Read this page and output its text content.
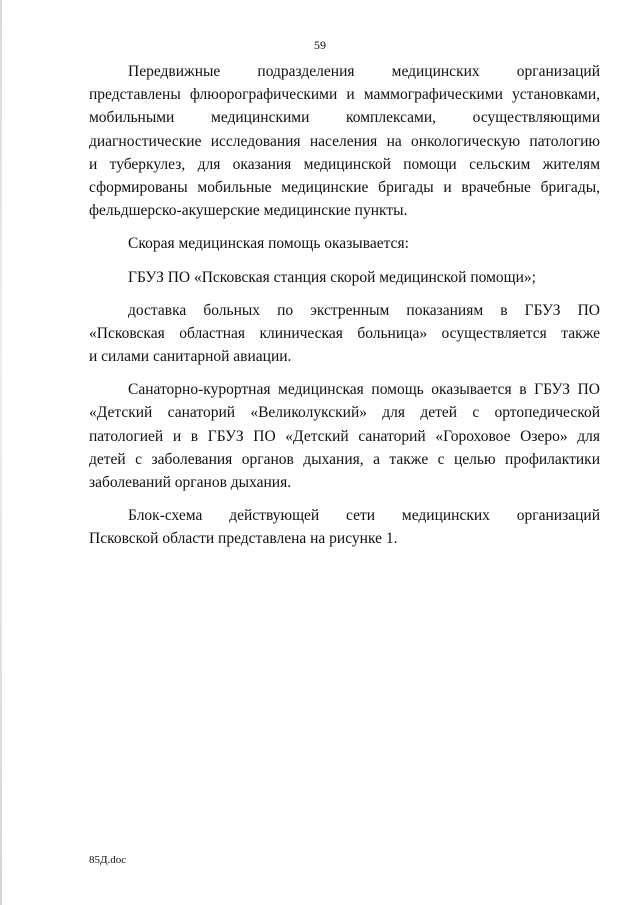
59
Передвижные подразделения медицинских организаций
представлены флюорографическими и маммографическими установками,
мобильными медицинскими комплексами, осуществляющими
диагностические исследования населения на онкологическую патологию
и туберкулез, для оказания медицинской помощи сельским жителям
сформированы мобильные медицинские бригады и врачебные бригады,
фельдшерско-акушерские медицинские пункты.
Скорая медицинская помощь оказывается:
ГБУЗ ПО «Псковская станция скорой медицинской помощи»;
доставка больных по экстренным показаниям в ГБУЗ ПО
«Псковская областная клиническая больница» осуществляется также
и силами санитарной авиации.
Санаторно-курортная медицинская помощь оказывается в ГБУЗ ПО
«Детский санаторий «Великолукский» для детей с ортопедической
патологией и в ГБУЗ ПО «Детский санаторий «Гороховое Озеро» для
детей с заболевания органов дыхания, а также с целью профилактики
заболеваний органов дыхания.
Блок-схема действующей сети медицинских организаций
Псковской области представлена на рисунке 1.
85Д.doc
